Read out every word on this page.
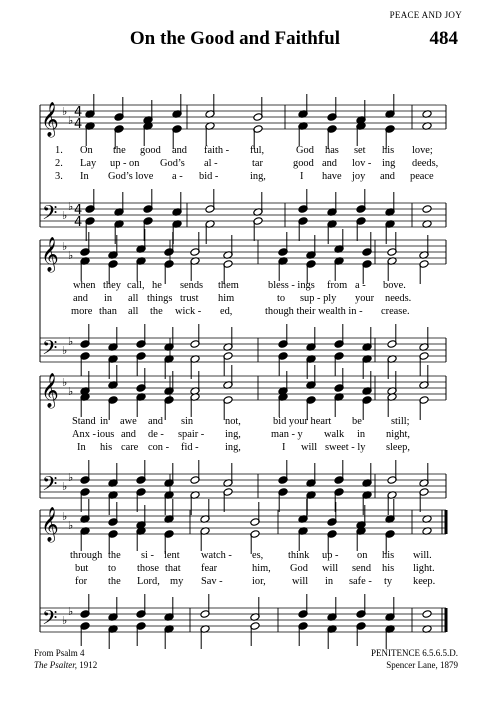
PEACE AND JOY
On the Good and Faithful	484
𝄞
𝄢
♭
♭
♭
♭
4
4
4
4
𝄞
𝄢
♭
♭
♭
♭
𝄞
𝄢
♭
♭
♭
♭
𝄞
𝄢
♭
♭
♭
♭
1. On the good and faith - ful,	God has set his love;
2. Lay up - on God’s al -	tar	good and lov - ing deeds,
3. In God’s love a - bid -	ing,	I have joy and peace
when they call, he sends them	bless - ings from a - bove.
and in all things trust him	to sup - ply your needs.
more than all the wick - ed,	though their wealth in - crease.
Stand in awe and sin	not,	bid your heart be	still;
Anx - ious and de - spair - ing,	man - y walk in night,
In his care con - fid -	ing,	I will sweet - ly sleep,
through the si - lent watch - es, think up - on his will.
but to those that fear	him, God will send his light.
for the Lord, my Sav -	ior,	will in safe - ty keep.
From Psalm 4
The Psalter, 1912
PENITENCE 6.5.6.5.D.
Spencer Lane, 1879
